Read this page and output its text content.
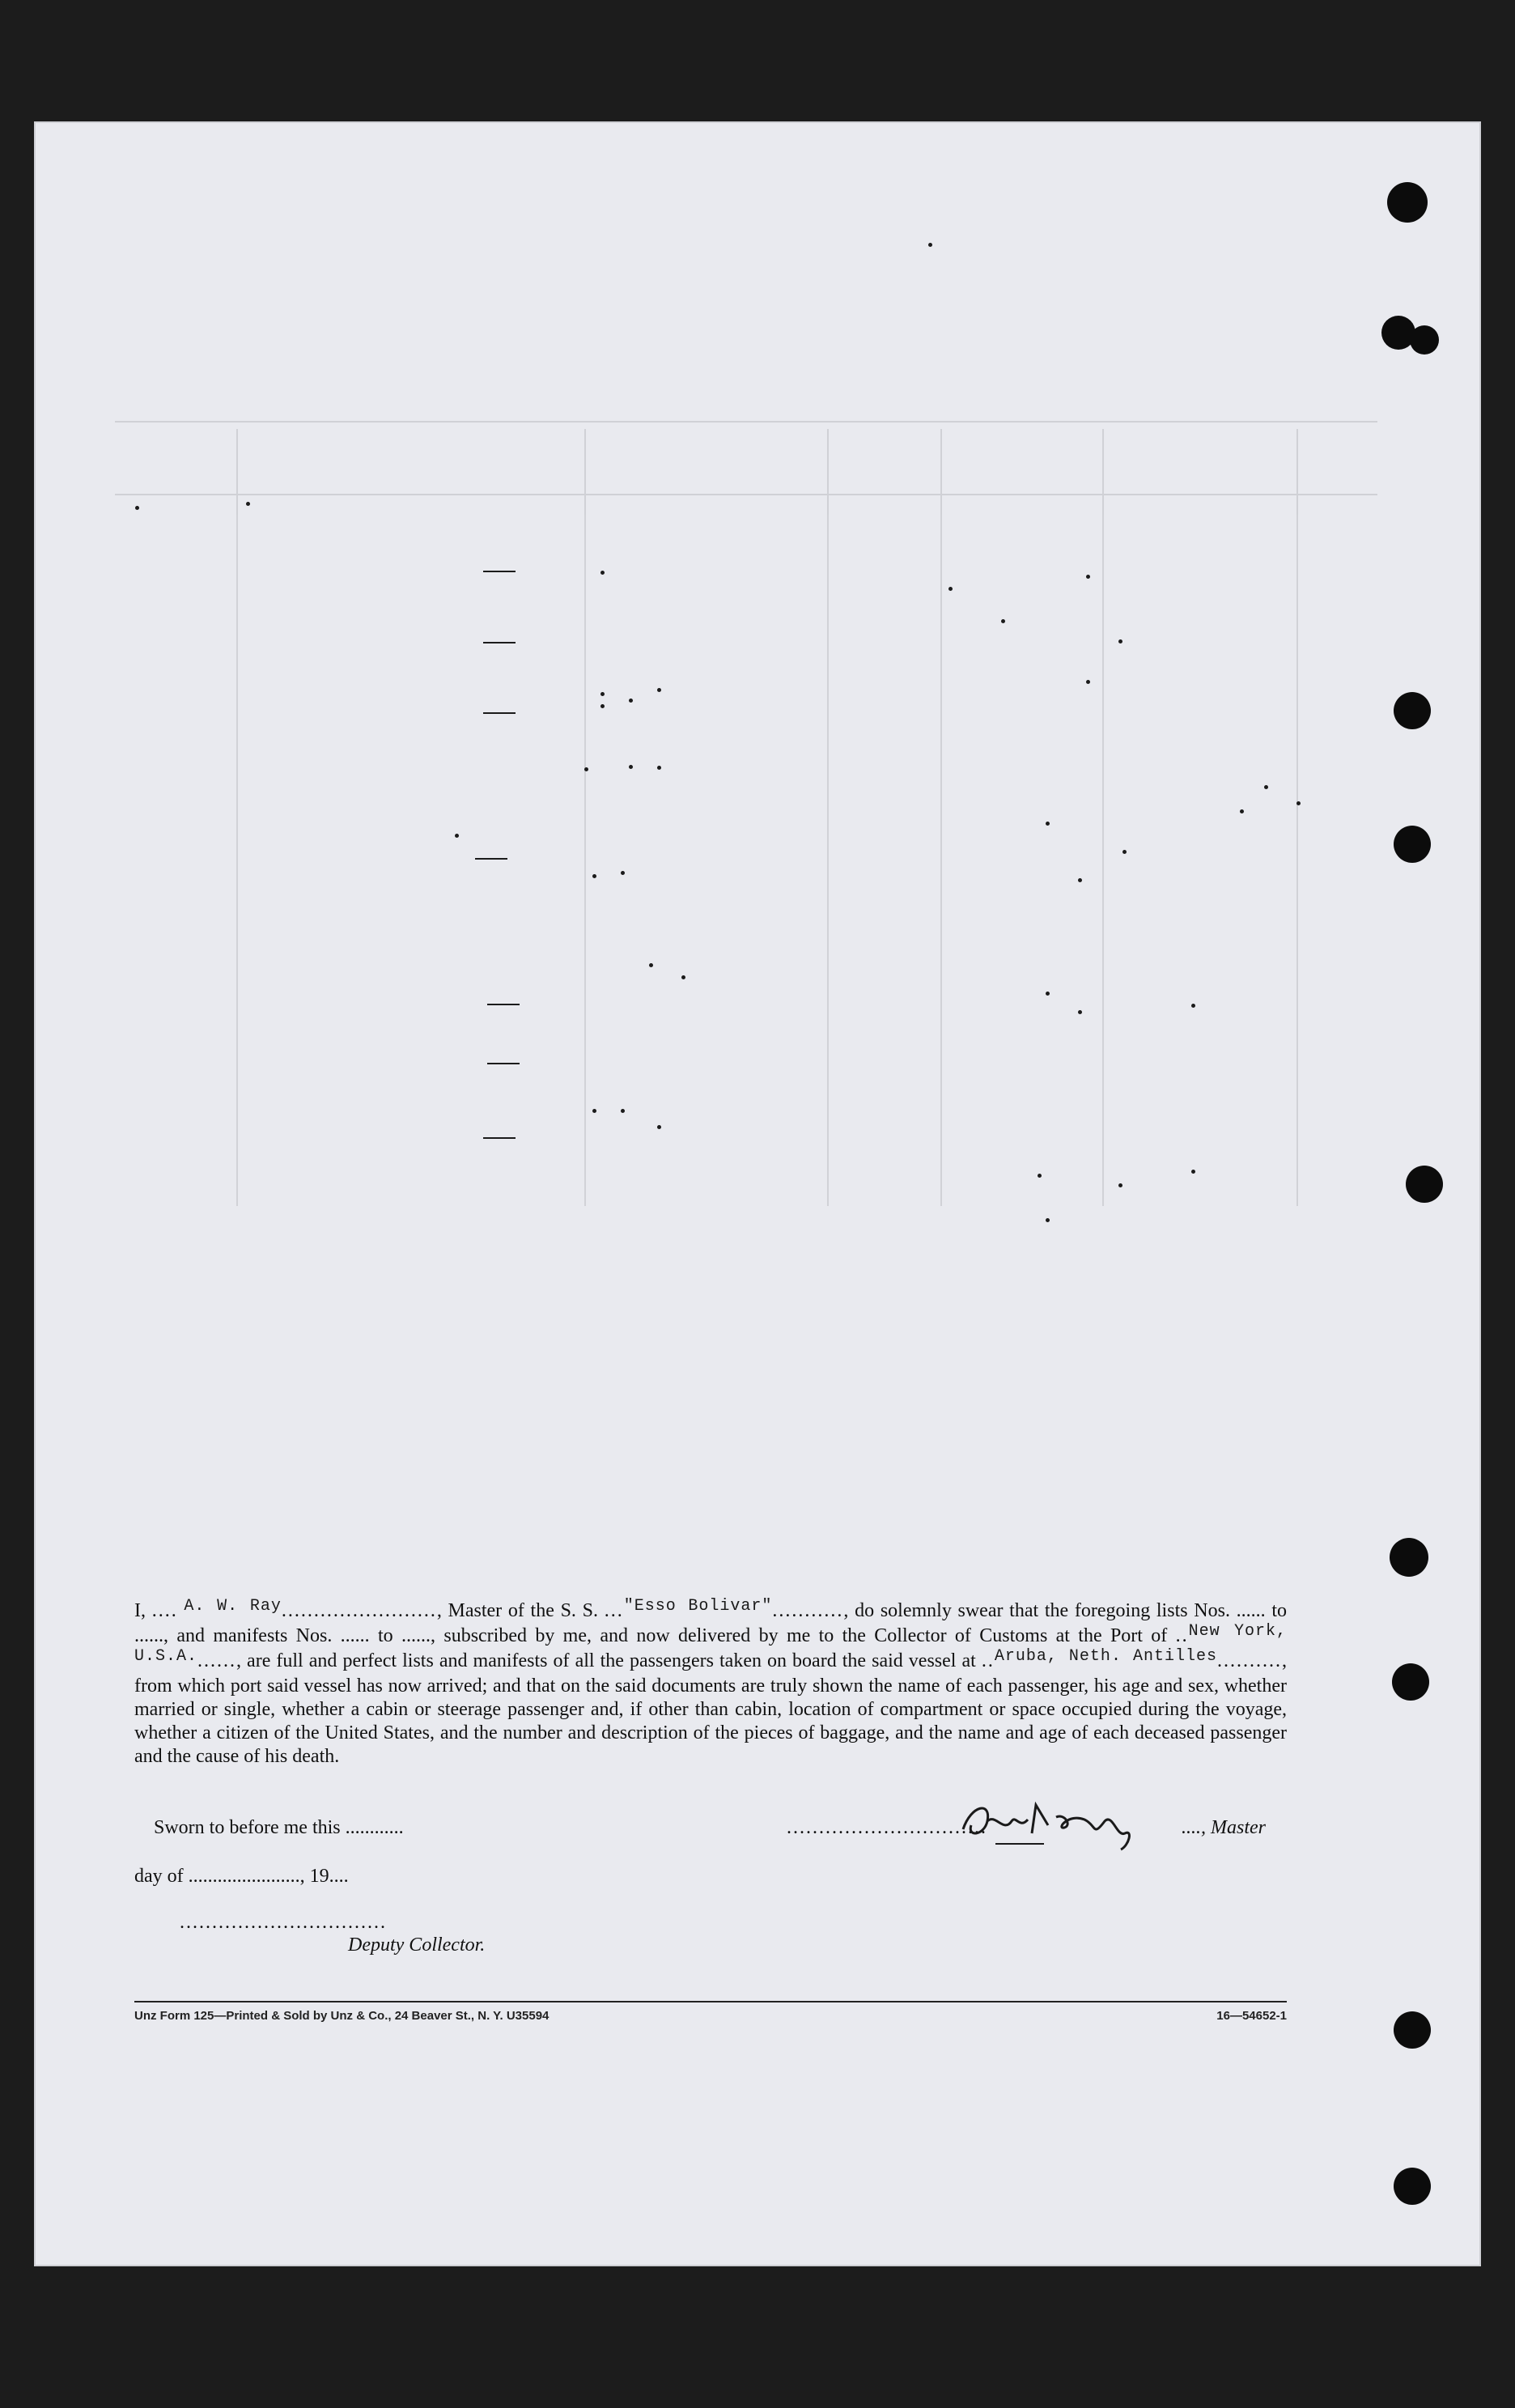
I, .... $^{A. W. Ray}$........................, Master of the S. S. ...$^{"Esso Bolivar"}$..........., do solemnly swear that the foregoing lists Nos. ...... to ......, and manifests Nos. ...... to ......, subscribed by me, and now delivered by me to the Collector of Customs at the Port of ..$^{New York, U.S.A.}$......, are full and perfect lists and manifests of all the passengers taken on board the said vessel at ..$^{Aruba, Neth. Antilles}$.........., from which port said vessel has now arrived; and that on the said documents are truly shown the name of each passenger, his age and sex, whether married or single, whether a cabin or steerage passenger and, if other than cabin, location of compartment or space occupied during the voyage, whether a citizen of the United States, and the number and description of the pieces of baggage, and the name and age of each deceased passenger and the cause of his death.

Sworn to before me this ............
day of ......................., 19....
................................
Deputy Collector.
...............................	...., Master
Unz Form 125—Printed & Sold by Unz & Co., 24 Beaver St., N. Y. U35594	16—54652-1
